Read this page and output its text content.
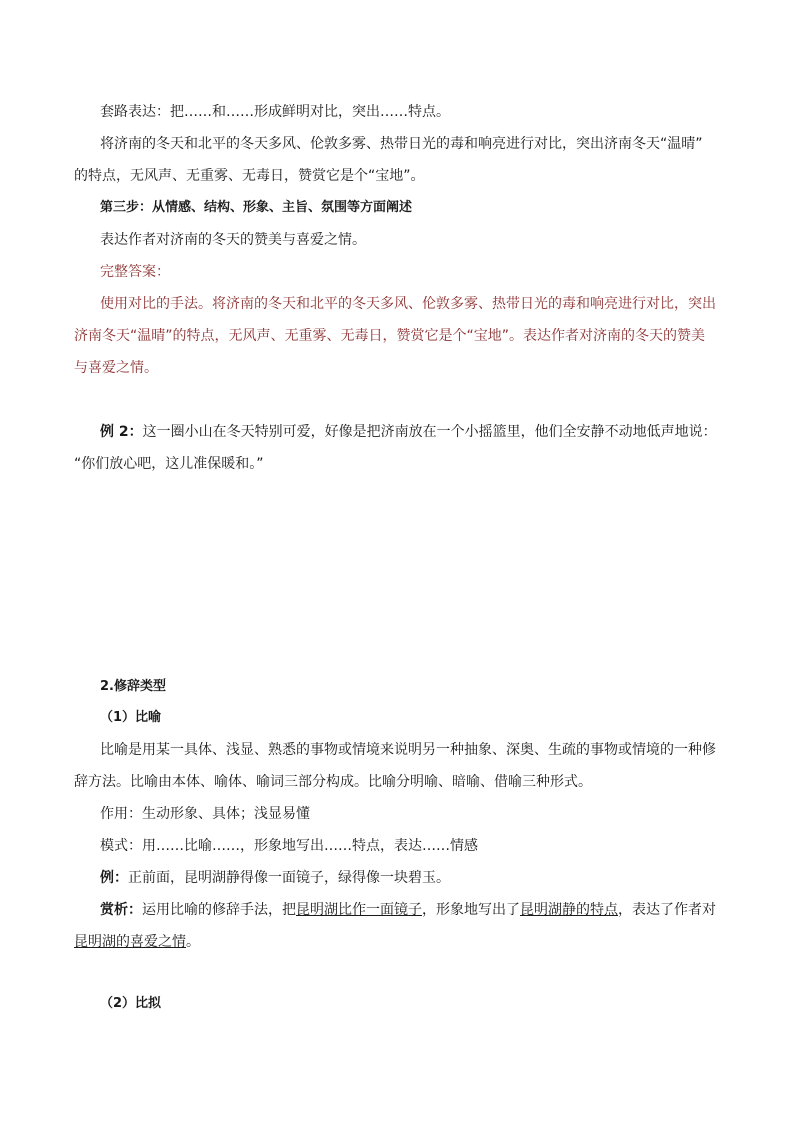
套路表达：把……和……形成鲜明对比，突出……特点。
将济南的冬天和北平的冬天多风、伦敦多雾、热带日光的毒和响亮进行对比，突出济南冬天“温晴”
的特点，无风声、无重雾、无毒日，赞赏它是个“宝地”。
第三步：从情感、结构、形象、主旨、氛围等方面阐述
表达作者对济南的冬天的赞美与喜爱之情。
完整答案：
使用对比的手法。将济南的冬天和北平的冬天多风、伦敦多雾、热带日光的毒和响亮进行对比，突出
济南冬天“温晴”的特点，无风声、无重雾、无毒日，赞赏它是个“宝地”。表达作者对济南的冬天的赞美
与喜爱之情。
例 2：这一圈小山在冬天特别可爱，好像是把济南放在一个小摇篮里，他们全安静不动地低声地说：
“你们放心吧，这儿准保暖和。”
2.修辞类型
（1）比喻
比喻是用某一具体、浅显、熟悉的事物或情境来说明另一种抽象、深奥、生疏的事物或情境的一种修
辞方法。比喻由本体、喻体、喻词三部分构成。比喻分明喻、暗喻、借喻三种形式。
作用：生动形象、具体；浅显易懂
模式：用……比喻……，形象地写出……特点，表达……情感
例：正前面，昆明湖静得像一面镜子，绿得像一块碧玉。
赏析：运用比喻的修辞手法，把昆明湖比作一面镜子，形象地写出了昆明湖静的特点，表达了作者对
昆明湖的喜爱之情。
（2）比拟
